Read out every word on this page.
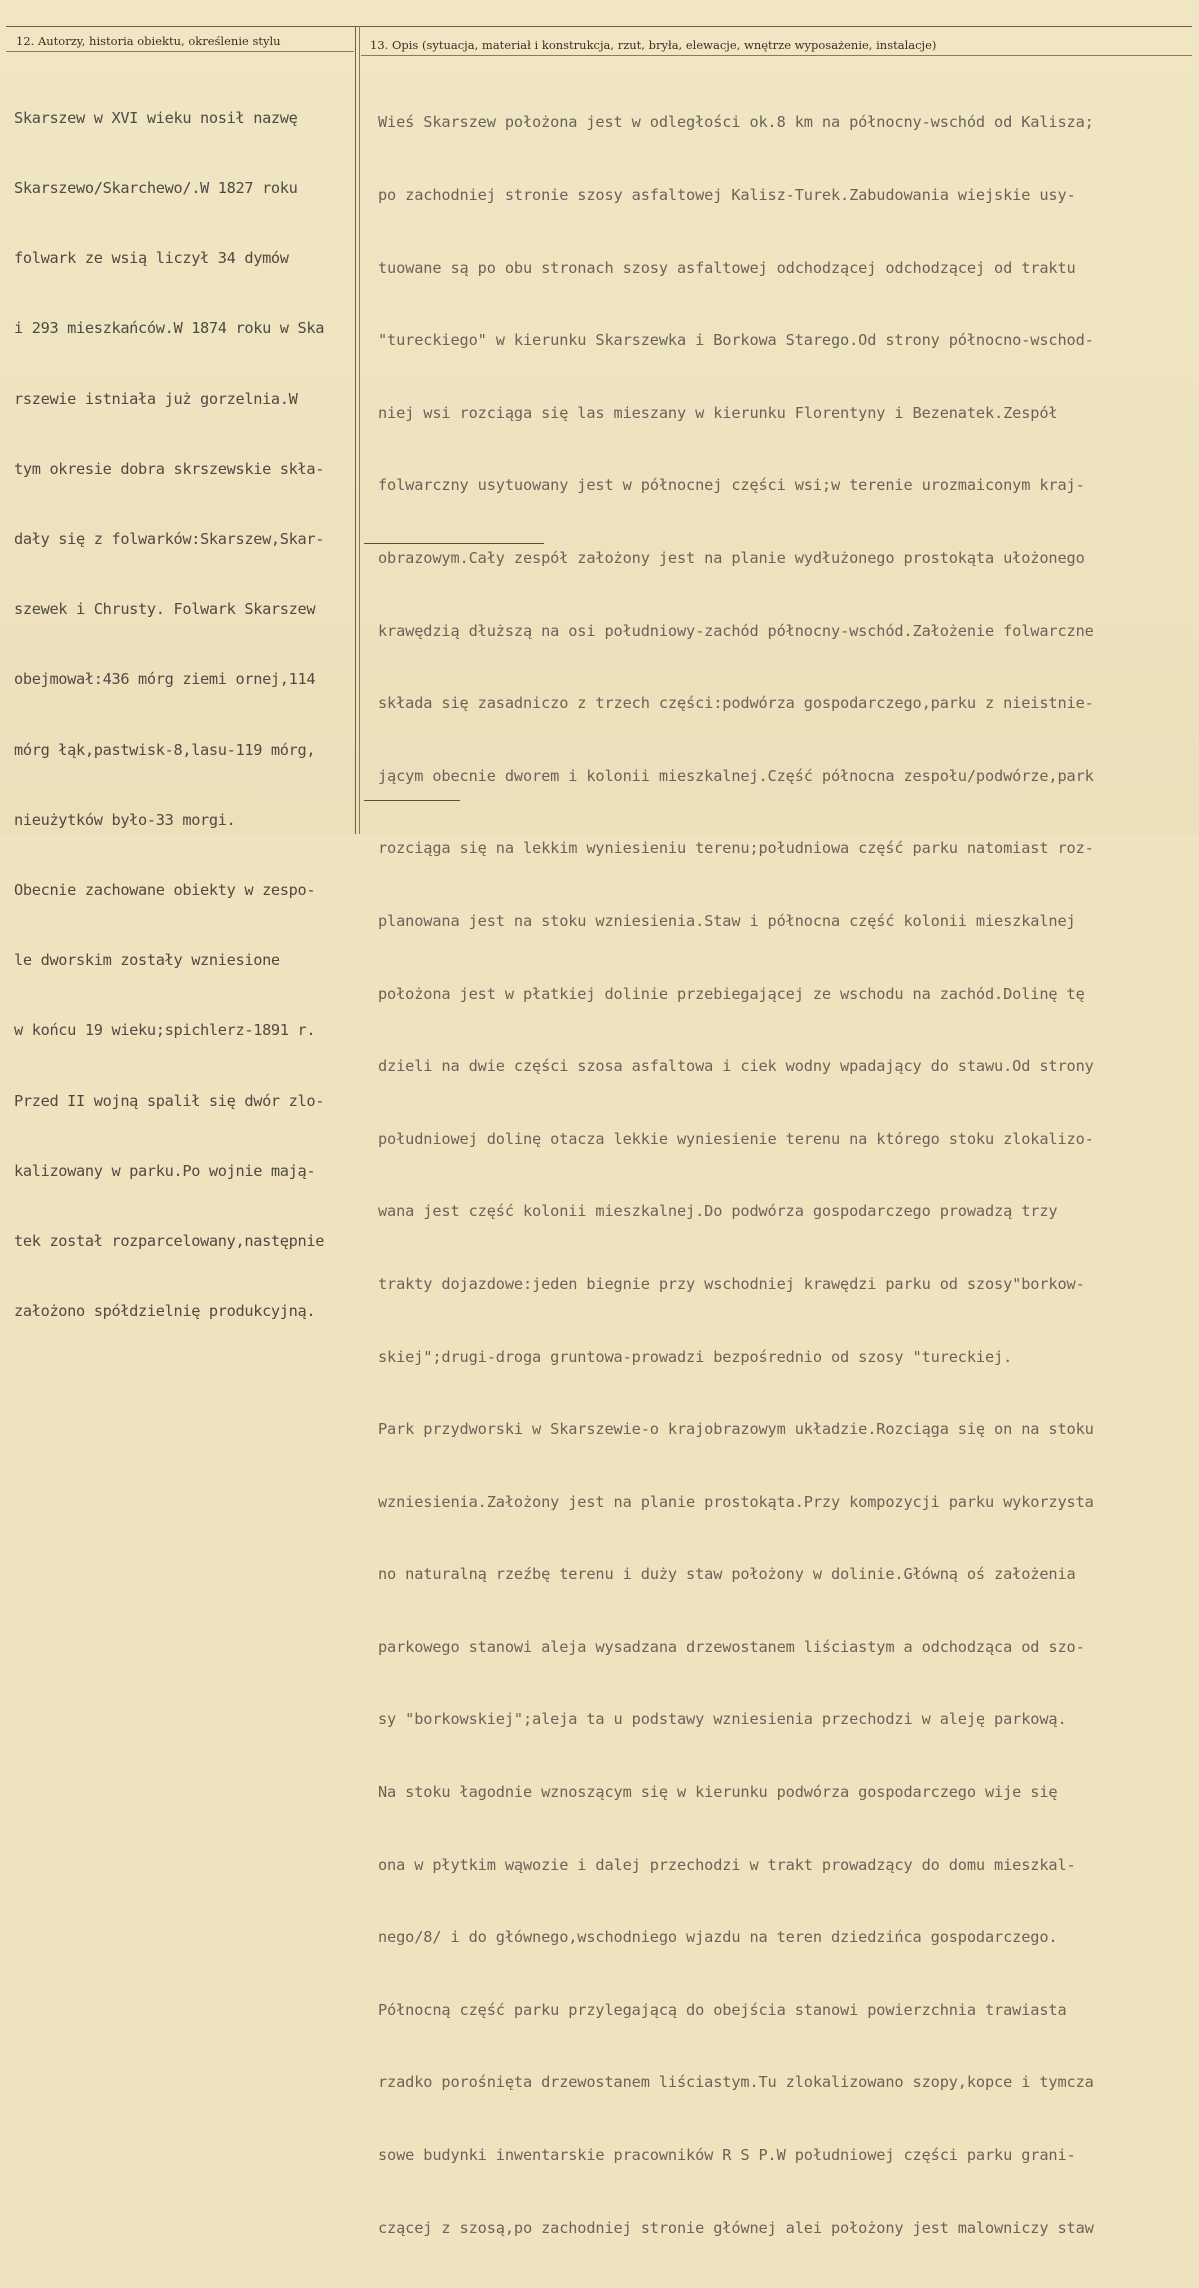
12. Autorzy, historia obiektu, określenie stylu	13. Opis (sytuacja, materiał i konstrukcja, rzut, bryła, elewacje, wnętrze wyposażenie, instalacje)

Skarszew w XVI wieku nosił nazwę

Skarszewo/Skarchewo/.W 1827 roku

folwark ze wsią liczył 34 dymów

i 293 mieszkańców.W 1874 roku w Ska

rszewie istniała już gorzelnia.W

tym okresie dobra skrszewskie skła-

dały się z folwarków:Skarszew,Skar-

szewek i Chrusty. Folwark Skarszew

obejmował:436 mórg ziemi ornej,114

mórg łąk,pastwisk-8,lasu-119 mórg,

nieużytków było-33 morgi.

Obecnie zachowane obiekty w zespo-

le dworskim zostały wzniesione

w końcu 19 wieku;spichlerz-1891 r.

Przed II wojną spalił się dwór zlo-

kalizowany w parku.Po wojnie mają-

tek został rozparcelowany,następnie

założono spółdzielnię produkcyjną.

Wieś Skarszew położona jest w odległości ok.8 km na północny-wschód od Kalisza;

po zachodniej stronie szosy asfaltowej Kalisz-Turek.Zabudowania wiejskie usy-

tuowane są po obu stronach szosy asfaltowej odchodzącej odchodzącej od traktu

"tureckiego" w kierunku Skarszewka i Borkowa Starego.Od strony północno-wschod-

niej wsi rozciąga się las mieszany w kierunku Florentyny i Bezenatek.Zespół

folwarczny usytuowany jest w północnej części wsi;w terenie urozmaiconym kraj-

obrazowym.Cały zespół założony jest na planie wydłużonego prostokąta ułożonego

krawędzią dłuższą na osi południowy-zachód północny-wschód.Założenie folwarczne

składa się zasadniczo z trzech części:podwórza gospodarczego,parku z nieistnie-

jącym obecnie dworem i kolonii mieszkalnej.Część północna zespołu/podwórze,park

rozciąga się na lekkim wyniesieniu terenu;południowa część parku natomiast roz-

planowana jest na stoku wzniesienia.Staw i północna część kolonii mieszkalnej

położona jest w płatkiej dolinie przebiegającej ze wschodu na zachód.Dolinę tę

dzieli na dwie części szosa asfaltowa i ciek wodny wpadający do stawu.Od strony

południowej dolinę otacza lekkie wyniesienie terenu na którego stoku zlokalizo-

wana jest część kolonii mieszkalnej.Do podwórza gospodarczego prowadzą trzy

trakty dojazdowe:jeden biegnie przy wschodniej krawędzi parku od szosy"borkow-

skiej";drugi-droga gruntowa-prowadzi bezpośrednio od szosy "tureckiej.

Park przydworski w Skarszewie-o krajobrazowym układzie.Rozciąga się on na stoku

wzniesienia.Założony jest na planie prostokąta.Przy kompozycji parku wykorzysta

no naturalną rzeźbę terenu i duży staw położony w dolinie.Główną oś założenia

parkowego stanowi aleja wysadzana drzewostanem liściastym a odchodząca od szo-

sy "borkowskiej";aleja ta u podstawy wzniesienia przechodzi w aleję parkową.

Na stoku łagodnie wznoszącym się w kierunku podwórza gospodarczego wije się

ona w płytkim wąwozie i dalej przechodzi w trakt prowadzący do domu mieszkal-

nego/8/ i do głównego,wschodniego wjazdu na teren dziedzińca gospodarczego.

Północną część parku przylegającą do obejścia stanowi powierzchnia trawiasta

rzadko porośnięta drzewostanem liściastym.Tu zlokalizowano szopy,kopce i tymcza

sowe budynki inwentarskie pracowników R S P.W południowej części parku grani-

czącej z szosą,po zachodniej stronie głównej alei położony jest malowniczy staw
